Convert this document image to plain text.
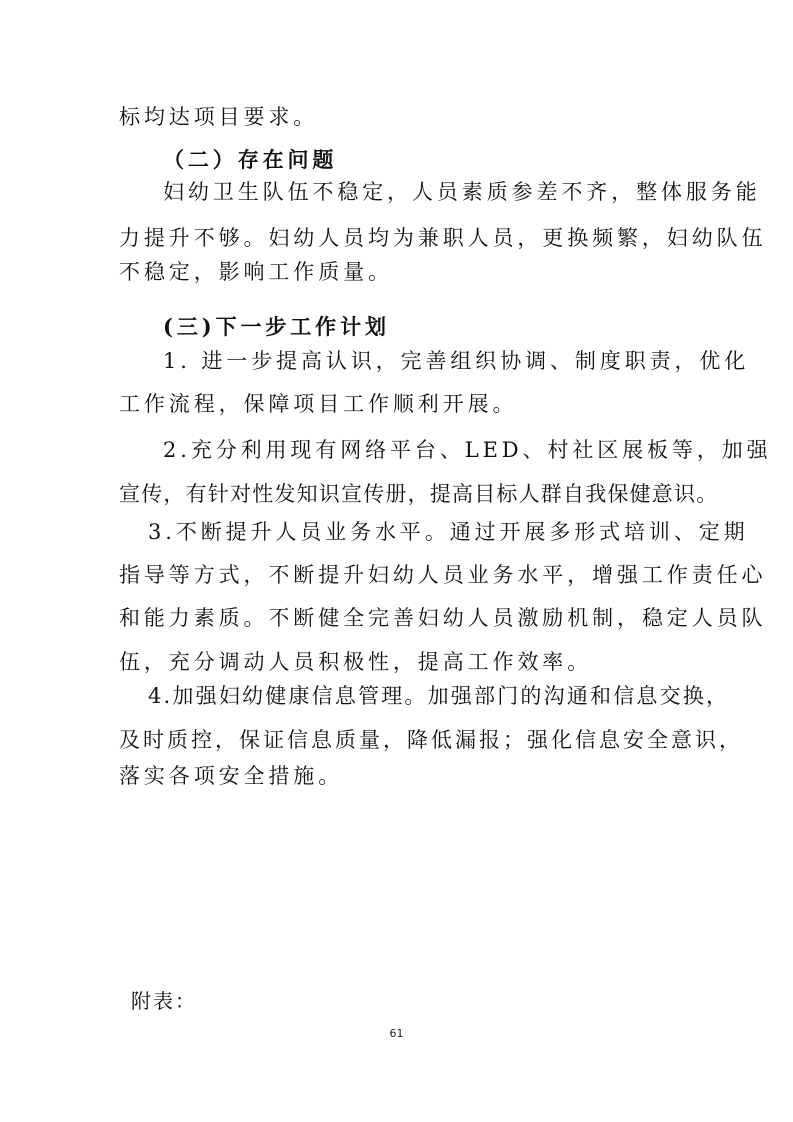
标均达项目要求。
（二）存在问题
妇幼卫生队伍不稳定，人员素质参差不齐，整体服务能
力提升不够。妇幼人员均为兼职人员，更换频繁，妇幼队伍
不稳定，影响工作质量。
(三)下一步工作计划
1. 进一步提高认识，完善组织协调、制度职责，优化
工作流程，保障项目工作顺利开展。
2.充分利用现有网络平台、LED、村社区展板等，加强
宣传，有针对性发知识宣传册，提高目标人群自我保健意识。
3.不断提升人员业务水平。通过开展多形式培训、定期
指导等方式，不断提升妇幼人员业务水平，增强工作责任心
和能力素质。不断健全完善妇幼人员激励机制，稳定人员队
伍，充分调动人员积极性，提高工作效率。
4.加强妇幼健康信息管理。加强部门的沟通和信息交换，
及时质控，保证信息质量，降低漏报；强化信息安全意识，
落实各项安全措施。
附表：
61
